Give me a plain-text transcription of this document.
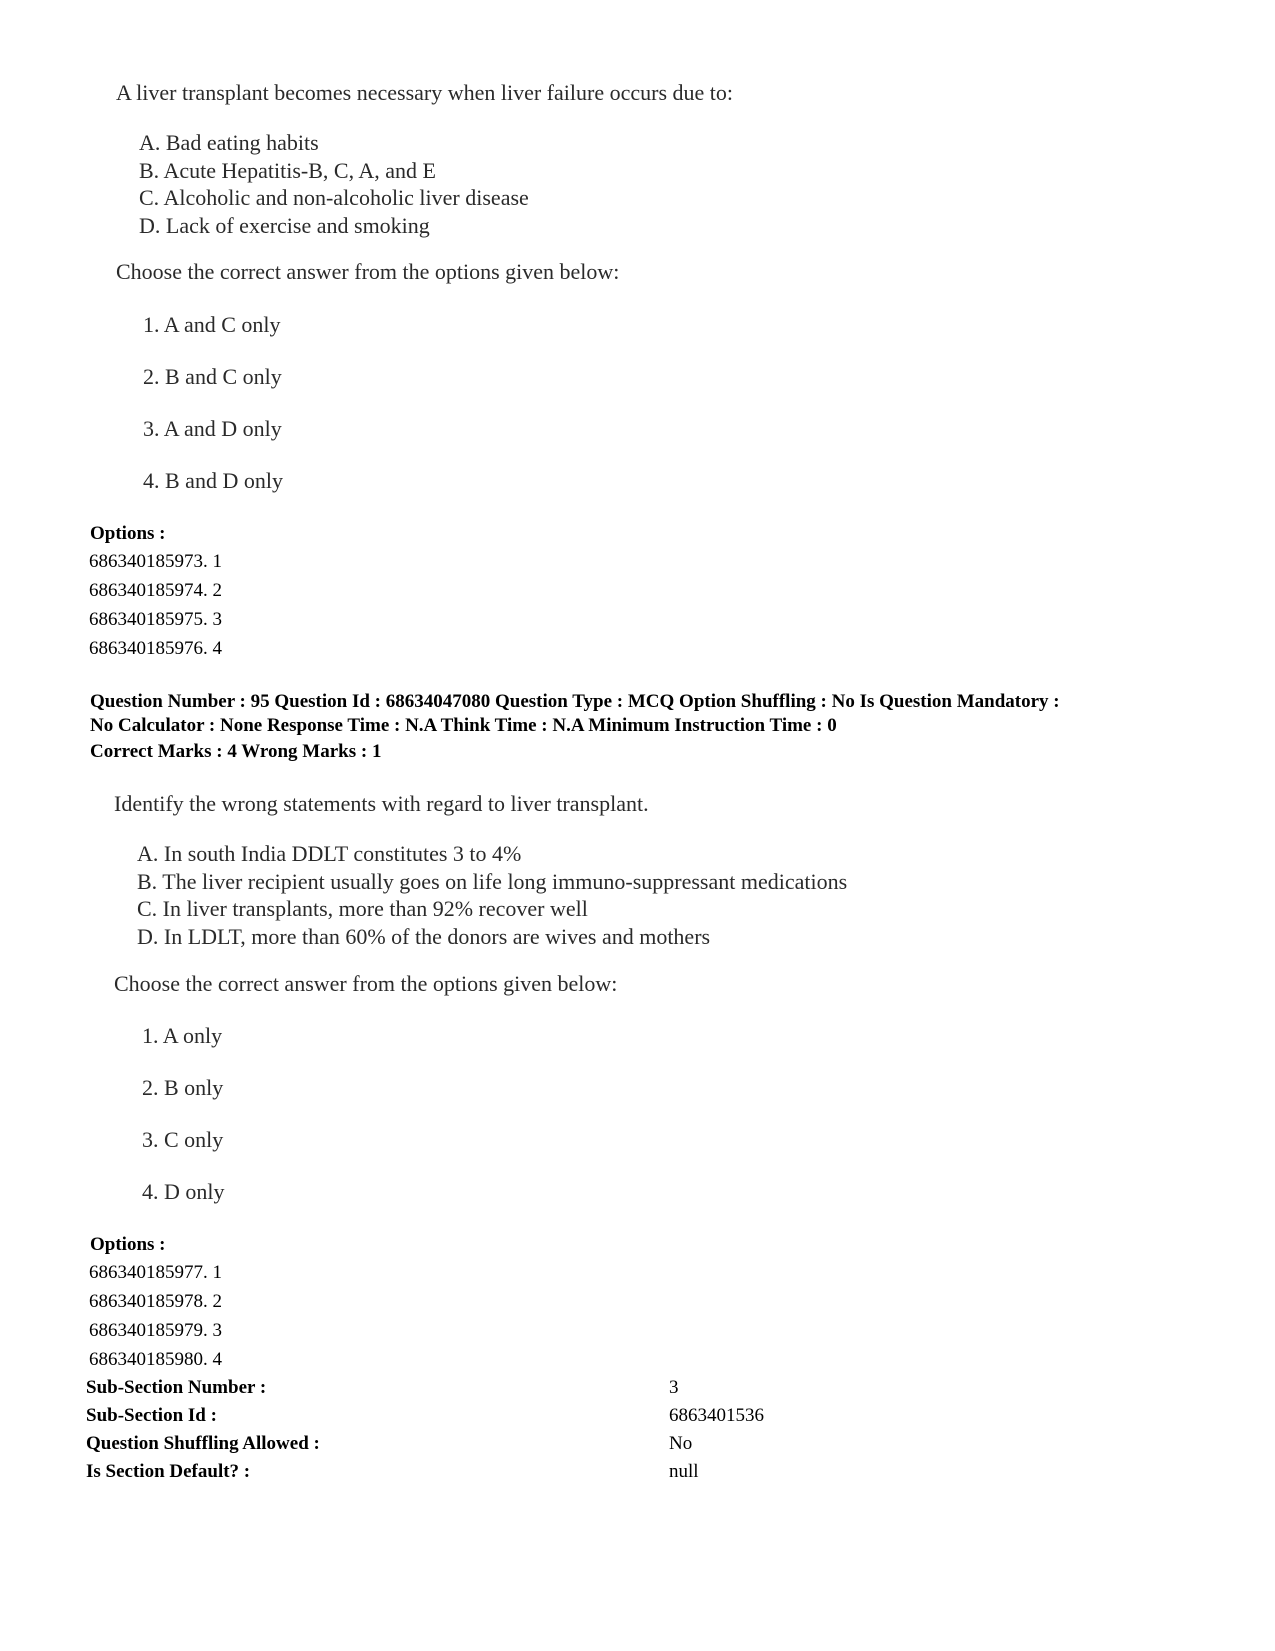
A liver transplant becomes necessary when liver failure occurs due to:
A. Bad eating habits
B. Acute Hepatitis-B, C, A, and E
C. Alcoholic and non-alcoholic liver disease
D. Lack of exercise and smoking
Choose the correct answer from the options given below:
1. A and C only
2. B and C only
3. A and D only
4. B and D only
Options :
686340185973. 1
686340185974. 2
686340185975. 3
686340185976. 4
Question Number : 95 Question Id : 68634047080 Question Type : MCQ Option Shuffling : No Is Question Mandatory :
No Calculator : None Response Time : N.A Think Time : N.A Minimum Instruction Time : 0
Correct Marks : 4 Wrong Marks : 1
Identify the wrong statements with regard to liver transplant.
A. In south India DDLT constitutes 3 to 4%
B. The liver recipient usually goes on life long immuno-suppressant medications
C. In liver transplants, more than 92% recover well
D. In LDLT, more than 60% of the donors are wives and mothers
Choose the correct answer from the options given below:
1. A only
2. B only
3. C only
4. D only
Options :
686340185977. 1
686340185978. 2
686340185979. 3
686340185980. 4
Sub-Section Number :
Sub-Section Id :
Question Shuffling Allowed :
Is Section Default? :
3
6863401536
No
null
